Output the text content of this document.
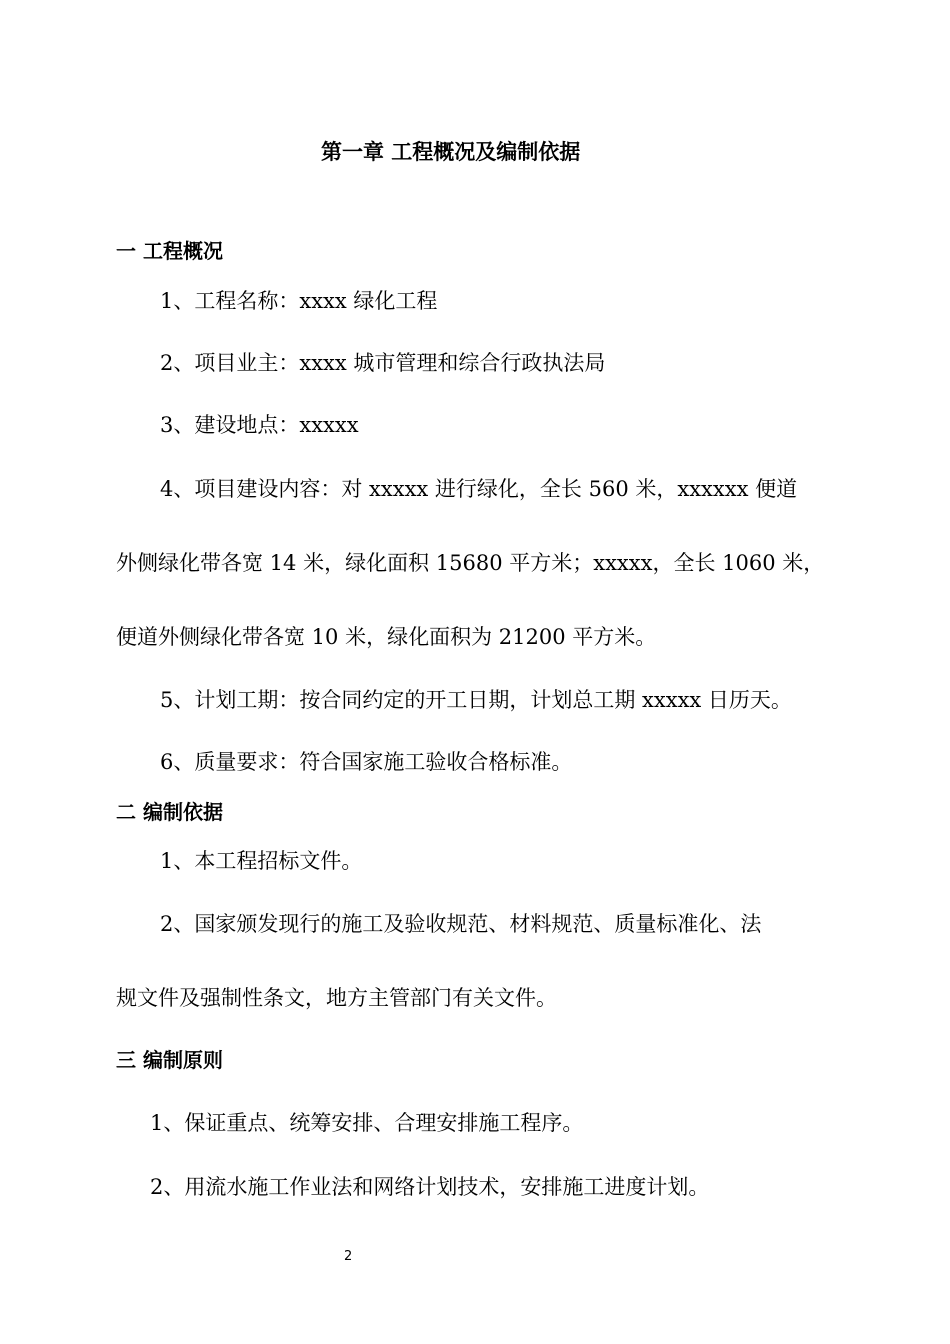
第一章 工程概况及编制依据
一 工程概况
1、工程名称：xxxx 绿化工程
2、项目业主：xxxx 城市管理和综合行政执法局
3、建设地点：xxxxx
4、项目建设内容：对 xxxxx 进行绿化，全长 560 米，xxxxxx 便道
外侧绿化带各宽 14 米，绿化面积 15680 平方米；xxxxx，全长 1060 米，
便道外侧绿化带各宽 10 米，绿化面积为 21200 平方米。
5、计划工期：按合同约定的开工日期，计划总工期 xxxxx 日历天。
6、质量要求：符合国家施工验收合格标准。
二 编制依据
1、本工程招标文件。
2、国家颁发现行的施工及验收规范、材料规范、质量标准化、法
规文件及强制性条文，地方主管部门有关文件。
三 编制原则
1、保证重点、统筹安排、合理安排施工程序。
2、用流水施工作业法和网络计划技术，安排施工进度计划。
2
